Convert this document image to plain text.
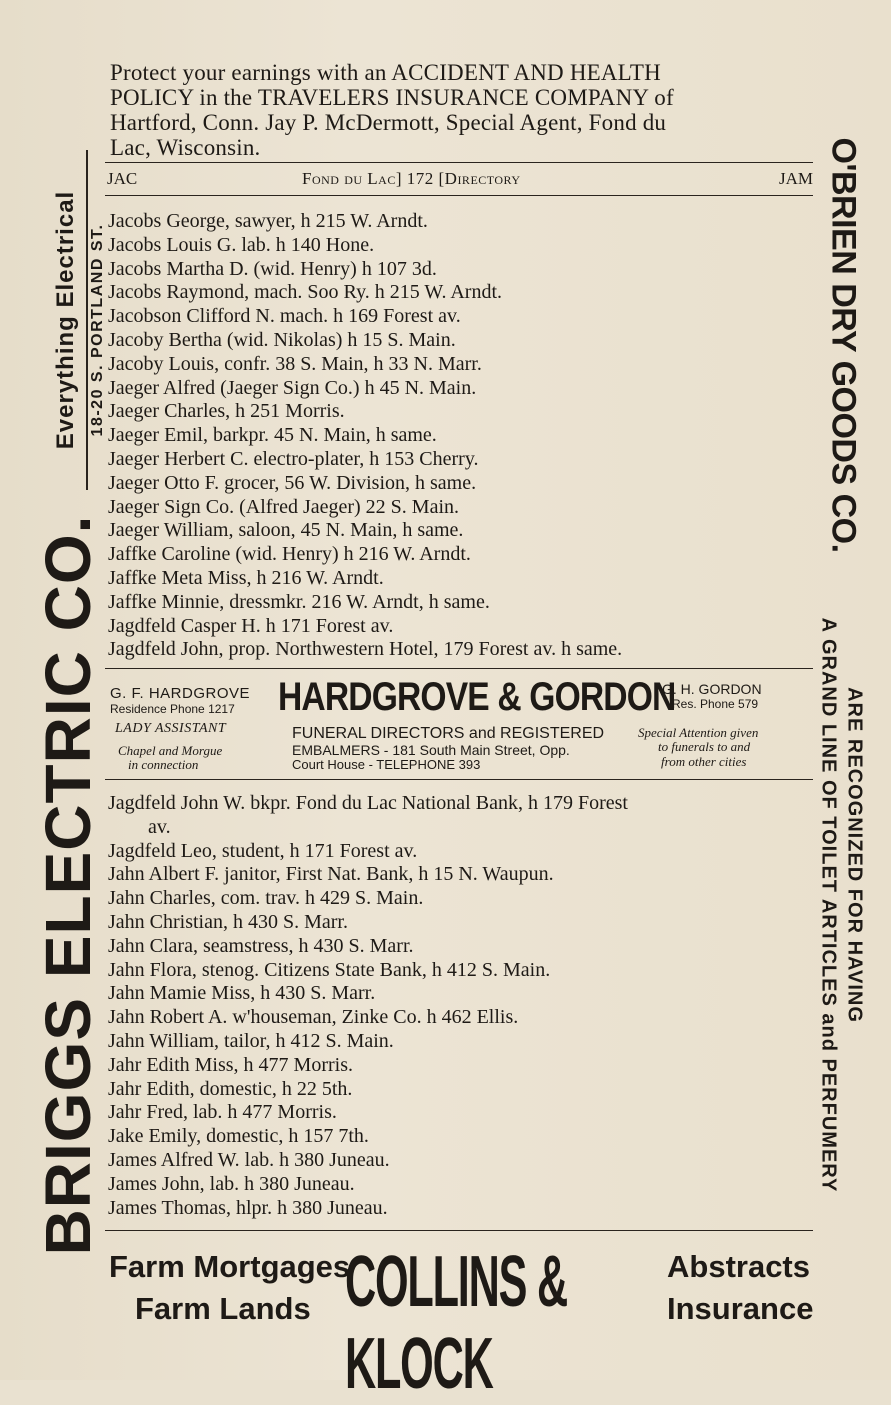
Protect your earnings with an ACCIDENT AND HEALTH

POLICY in the TRAVELERS INSURANCE COMPANY of

Hartford, Conn. Jay P. McDermott, Special Agent, Fond du

Lac, Wisconsin.

JAC	Fond du Lac] 172 [Directory	JAM
18-20 S. PORTLAND ST.
Everything Electrical
BRIGGS ELECTRIC CO.
O'BRIEN DRY GOODS CO.
A GRAND LINE OF TOILET ARTICLES and PERFUMERY ARE RECOGNIZED FOR HAVING
Jacobs George, sawyer, h 215 W. Arndt.
Jacobs Louis G. lab. h 140 Hone.
Jacobs Martha D. (wid. Henry) h 107 3d.
Jacobs Raymond, mach. Soo Ry. h 215 W. Arndt.
Jacobson Clifford N. mach. h 169 Forest av.
Jacoby Bertha (wid. Nikolas) h 15 S. Main.
Jacoby Louis, confr. 38 S. Main, h 33 N. Marr.
Jaeger Alfred (Jaeger Sign Co.) h 45 N. Main.
Jaeger Charles, h 251 Morris.
Jaeger Emil, barkpr. 45 N. Main, h same.
Jaeger Herbert C. electro-plater, h 153 Cherry.
Jaeger Otto F. grocer, 56 W. Division, h same.
Jaeger Sign Co. (Alfred Jaeger) 22 S. Main.
Jaeger William, saloon, 45 N. Main, h same.
Jaffke Caroline (wid. Henry) h 216 W. Arndt.
Jaffke Meta Miss, h 216 W. Arndt.
Jaffke Minnie, dressmkr. 216 W. Arndt, h same.
Jagdfeld Casper H. h 171 Forest av.
Jagdfeld John, prop. Northwestern Hotel, 179 Forest av. h same.
G. F. HARDGROVE
Residence Phone 1217 HARDGROVE & GORDON
G. H. GORDON
Res. Phone 579
LADY ASSISTANT
Chapel and Morgue
in connection
FUNERAL DIRECTORS and REGISTERED
EMBALMERS - 181 South Main Street, Opp.
Court House - TELEPHONE 393
Special Attention given
to funerals to and
from other cities
Jagdfeld John W. bkpr. Fond du Lac National Bank, h 179 Forest
av.
Jagdfeld Leo, student, h 171 Forest av.
Jahn Albert F. janitor, First Nat. Bank, h 15 N. Waupun.
Jahn Charles, com. trav. h 429 S. Main.
Jahn Christian, h 430 S. Marr.
Jahn Clara, seamstress, h 430 S. Marr.
Jahn Flora, stenog. Citizens State Bank, h 412 S. Main.
Jahn Mamie Miss, h 430 S. Marr.
Jahn Robert A. w'houseman, Zinke Co. h 462 Ellis.
Jahn William, tailor, h 412 S. Main.
Jahr Edith Miss, h 477 Morris.
Jahr Edith, domestic, h 22 5th.
Jahr Fred, lab. h 477 Morris.
Jake Emily, domestic, h 157 7th.
James Alfred W. lab. h 380 Juneau.
James John, lab. h 380 Juneau.
James Thomas, hlpr. h 380 Juneau.
Farm Mortgages
Farm Lands COLLINS & KLOCK
Abstracts
Insurance
